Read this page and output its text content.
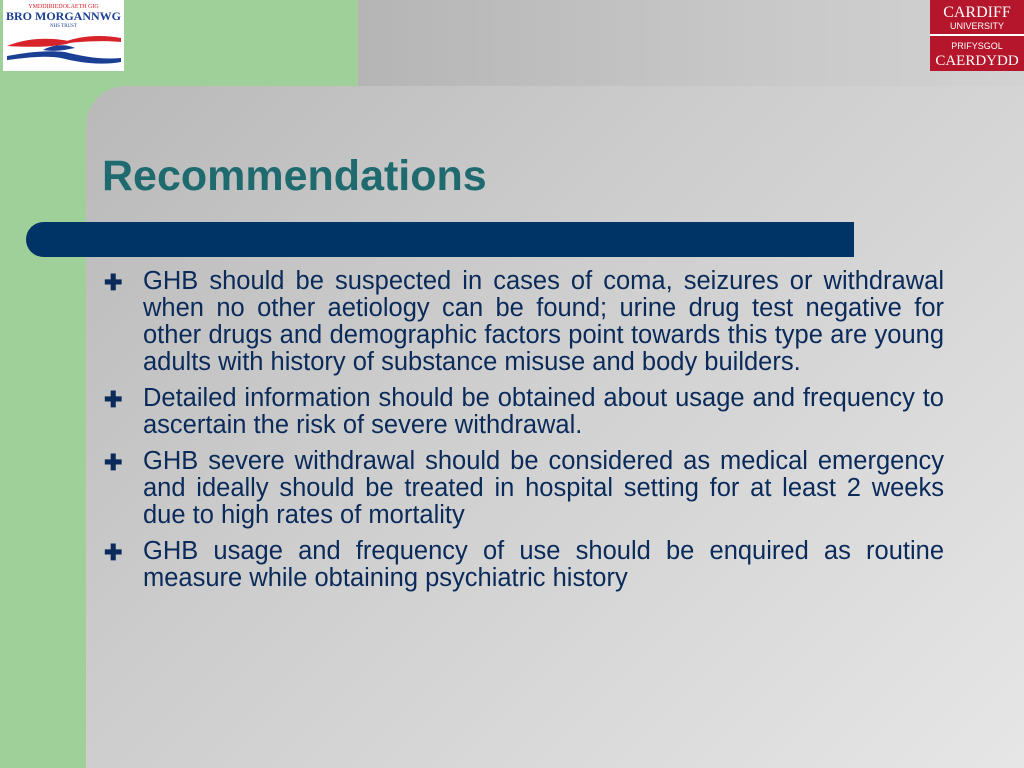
YMDDIRIEDOLAETH GIG
BRO MORGANNWG
NHS TRUST
CARDIFF
UNIVERSITY
PRIFYSGOL
CAERDYDD
Recommendations
✚ GHB should be suspected in cases of coma, seizures or withdrawal when no other aetiology can be found; urine drug test negative for other drugs and demographic factors point towards this type are young adults with history of substance misuse and body builders.
✚ Detailed information should be obtained about usage and frequency to ascertain the risk of severe withdrawal.
✚ GHB severe withdrawal should be considered as medical emergency and ideally should be treated in hospital setting for at least 2 weeks due to high rates of mortality
✚ GHB usage and frequency of use should be enquired as routine measure while obtaining psychiatric history
